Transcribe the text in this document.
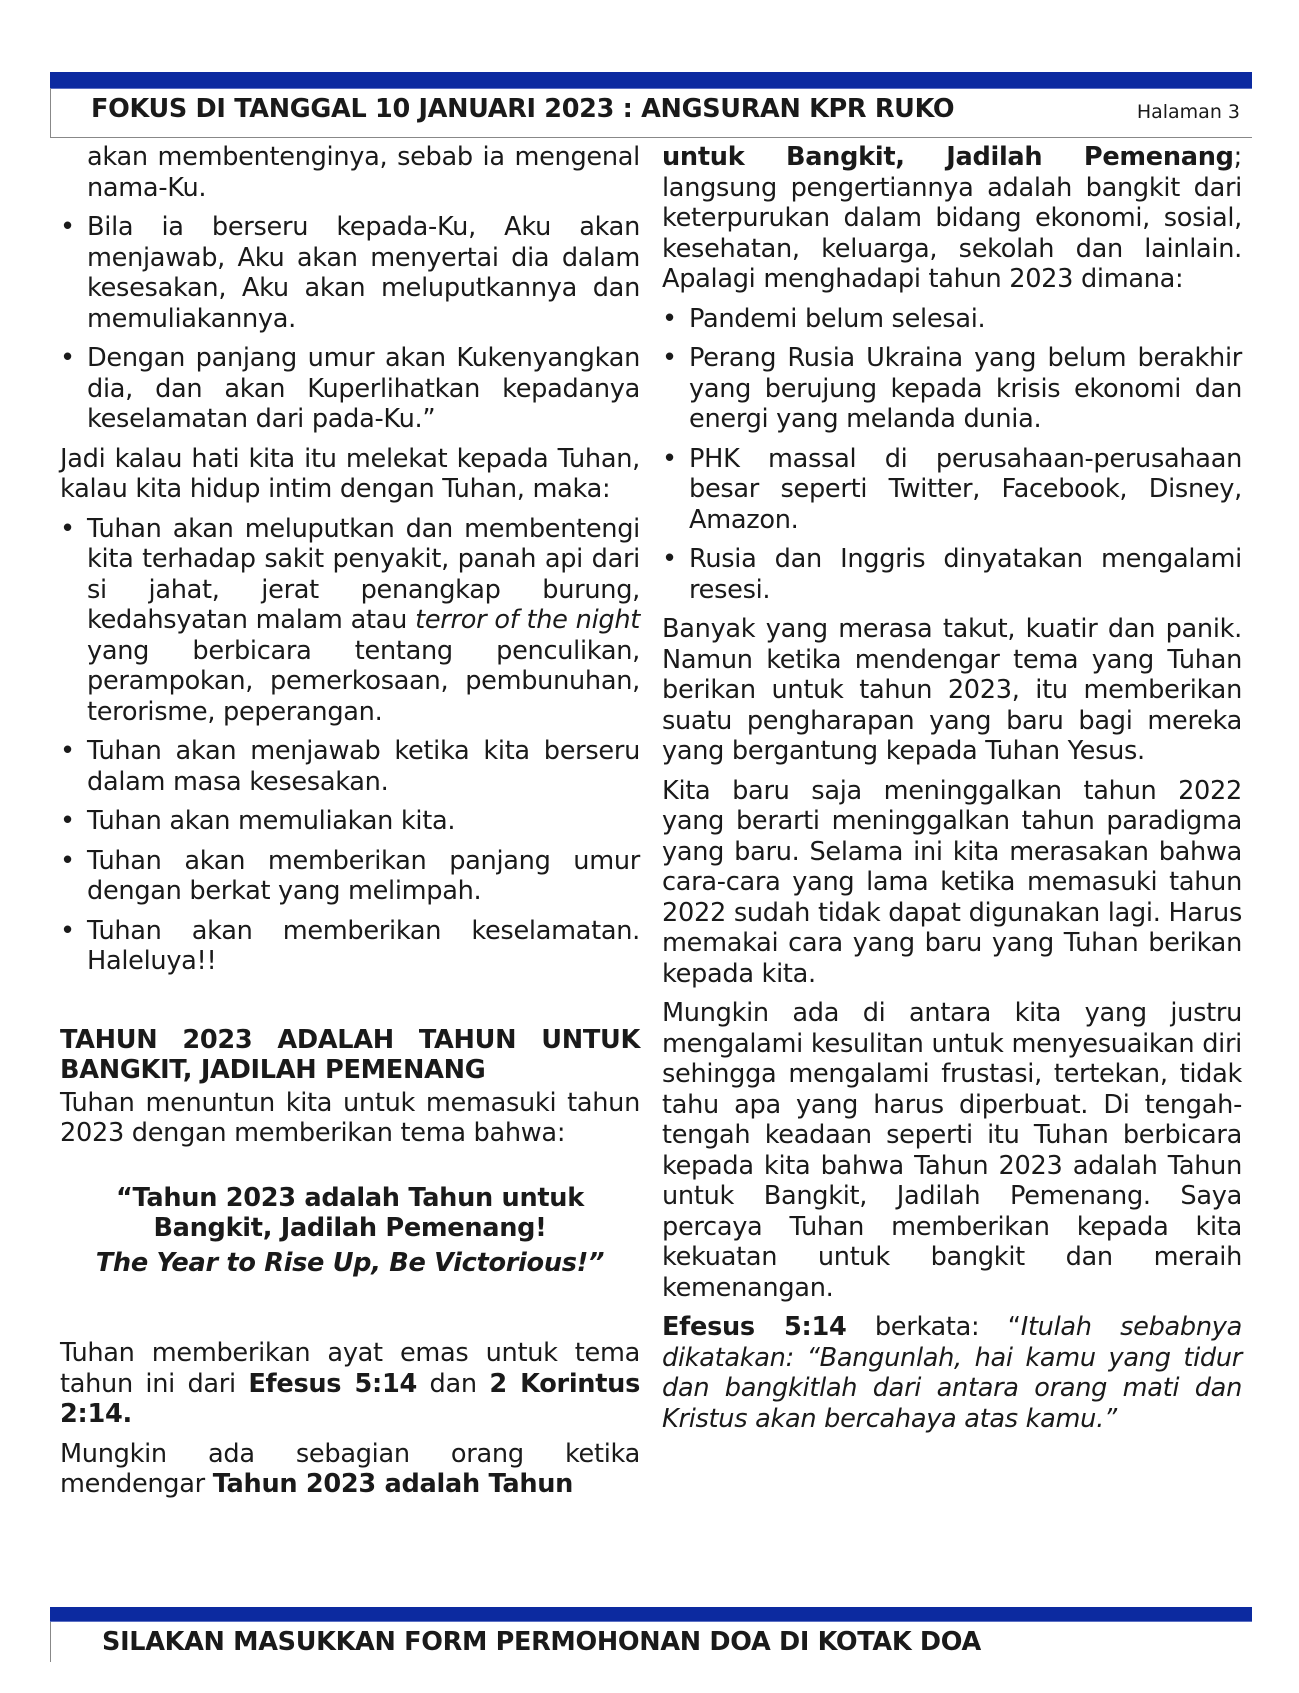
FOKUS DI TANGGAL 10 JANUARI 2023 : ANGSURAN KPR RUKO	Halaman 3

akan membentenginya, sebab ia mengenal nama-Ku.

• Bila ia berseru kepada-Ku, Aku akan menjawab, Aku akan menyertai dia dalam kesesakan, Aku akan meluputkannya dan memuliakannya.
• Dengan panjang umur akan Kukenyangkan dia, dan akan Kuperlihatkan kepadanya keselamatan dari pada-Ku.”

Jadi kalau hati kita itu melekat kepada Tuhan, kalau kita hidup intim dengan Tuhan, maka:

• Tuhan akan meluputkan dan membentengi kita terhadap sakit penyakit, panah api dari si jahat, jerat penangkap burung, kedahsyatan malam atau terror of the night yang berbicara tentang penculikan, perampokan, pemerkosaan, pembunuhan, terorisme, peperangan.
• Tuhan akan menjawab ketika kita berseru dalam masa kesesakan.
• Tuhan akan memuliakan kita.
• Tuhan akan memberikan panjang umur dengan berkat yang melimpah.
• Tuhan akan memberikan keselamatan. Haleluya!!
TAHUN 2023 ADALAH TAHUN UNTUK BANGKIT, JADILAH PEMENANG

Tuhan menuntun kita untuk memasuki tahun 2023 dengan memberikan tema bahwa:

“Tahun 2023 adalah Tahun untuk Bangkit, Jadilah Pemenang!
The Year to Rise Up, Be Victorious!”

Tuhan memberikan ayat emas untuk tema tahun ini dari Efesus 5:14 dan 2 Korintus 2:14.

Mungkin ada sebagian orang ketika mendengar Tahun 2023 adalah Tahun

untuk Bangkit, Jadilah Pemenang; langsung pengertiannya adalah bangkit dari keterpurukan dalam bidang ekonomi, sosial, kesehatan, keluarga, sekolah dan lainlain. Apalagi menghadapi tahun 2023 dimana:

• Pandemi belum selesai.
• Perang Rusia Ukraina yang belum berakhir yang berujung kepada krisis ekonomi dan energi yang melanda dunia.
• PHK massal di perusahaan-perusahaan besar seperti Twitter, Facebook, Disney, Amazon.
• Rusia dan Inggris dinyatakan mengalami resesi.

Banyak yang merasa takut, kuatir dan panik. Namun ketika mendengar tema yang Tuhan berikan untuk tahun 2023, itu memberikan suatu pengharapan yang baru bagi mereka yang bergantung kepada Tuhan Yesus.

Kita baru saja meninggalkan tahun 2022 yang berarti meninggalkan tahun paradigma yang baru. Selama ini kita merasakan bahwa cara-cara yang lama ketika memasuki tahun 2022 sudah tidak dapat digunakan lagi. Harus memakai cara yang baru yang Tuhan berikan kepada kita.

Mungkin ada di antara kita yang justru mengalami kesulitan untuk menyesuaikan diri sehingga mengalami frustasi, tertekan, tidak tahu apa yang harus diperbuat. Di tengah-tengah keadaan seperti itu Tuhan berbicara kepada kita bahwa Tahun 2023 adalah Tahun untuk Bangkit, Jadilah Pemenang. Saya percaya Tuhan memberikan kepada kita kekuatan untuk bangkit dan meraih kemenangan.

Efesus 5:14 berkata: “Itulah sebabnya dikatakan: “Bangunlah, hai kamu yang tidur dan bangkitlah dari antara orang mati dan Kristus akan bercahaya atas kamu.”

SILAKAN MASUKKAN FORM PERMOHONAN DOA DI KOTAK DOA
